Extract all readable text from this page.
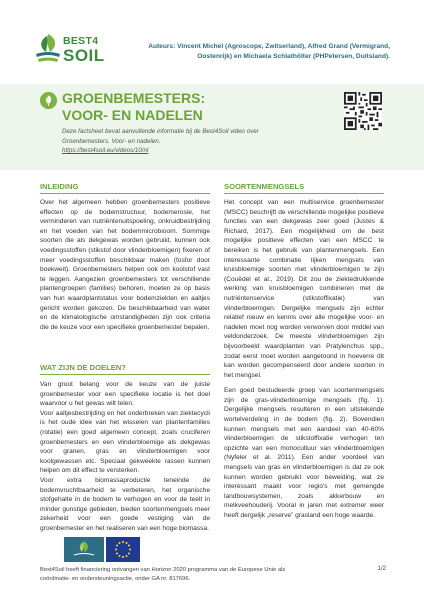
BEST4
SOIL	Auteurs: Vincent Michel (Agroscope, Zwitserland), Alfred Grand (Vermigrand, Oostenrijk) en Michaela Schlathölter (PHPetersen, Duitsland).
GROENBEMESTERS:
VOOR- EN NADELEN
Deze factsheet bevat aanvullende informatie bij de Best4Soil video over
Groenbemesters. Voor- en nadelen.
https://best4soil.eu/videos/10/nl
INLEIDING

Over het algemeen hebben groenbemesters positieve effecten op de bodemstructuur, bodemerosie, het verminderen van nutriëntenuitspoeling, onkruidbestrijding en het voeden van het bodemmicrobioom. Sommige soorten die als dekgewas worden gebruikt, kunnen ook voedingsstoffen (stikstof door vlinderbloemigen) fixeren of meer voedingsstoffen beschikbaar maken (fosfor door boekweit). Groenbemesters helpen ook om koolstof vast te leggen. Aangezien groenbemesters tot verschillende plantengroepen (families) behoren, moeten ze op basis van hun waardplantstatus voor bodemziekten en aaltjes gericht worden gekozen. De beschikbaarheid van water en de klimatologische omstandigheden zijn ook criteria die de keuze voor een specifieke groenbemester bepalen.

WAT ZIJN DE DOELEN?

Van groot belang voor de keuze van de juiste groenbemester voor een specifieke locatie is het doel waarvoor u het gewas wilt telen.

Voor aaltjesbestrijding en het onderbreken van ziektecycli is het oude idee van het wisselen van plantenfamilies (rotatie) een goed algemeen concept, zoals cruciferen groenbemesters en een vlinderbloemige als dekgewas voor granen, gras en vlinderbloemigen voor koolgewassen etc. Speciaal gekweekte rassen kunnen helpen om dit effect te versterken.

Voor extra biomassaproductie teneinde de bodemvruchtbaarheid te verbeteren, het organische stofgehalte in de bodem te verhogen en voor de teelt in minder gunstige gebieden, bieden soortenmengsels meer zekerheid voor een goede vestiging van de groenbemester en het realiseren van een hoge biomassa.

SOORTENMENGSELS

Het concept van een multiservice groenbemester (MSCC) beschrijft de verschillende mogelijke positieve functies van een dekgewas zeer goed (Justes & Richard, 2017). Een mogelijkheid om de best mogelijke positieve effecten van een MSCC te bereiken is het gebruik van plantenmengsels. Een interessante combinatie tijken mengsels van kruisbloemige soorten met vlinderbloemigen te zijn (Couëdel et al., 2019). Dit zou de ziektedrukkende werking van kruisbloemigen combineren met de nutriëntenservice (stikstoffixatie) van vlinderbloemigen. Dergelijke mengsels zijn echter relatief nieuw en kennis over alle mogelijke voor- en nadelen moet nog worden verworven door middel van veldonderzoek. De meeste vlinderbloemigen zijn bijvoorbeeld waardplanten van Pratylenchus spp., zodat eerst moet worden aangetoond in hoeverre dit kan worden gecompenseerd door andere soorten in het mengsel.

Een goed bestudeerde groep van soortenmengsels zijn de gras-vlinderbloemige mengsels (fig. 1). Dergelijke mengsels resulteren in een uitstekende wortelverdeling in de bodem (fig. 2). Bovendien kunnen mengsels met een aandeel van 40-60% vlinderbloemigen de stikstoffixatie verhogen ten opzichte van een monocultuur van vlinderbloemigen (Nyfeler et al. 2011). Een ander voordeel van mengsels van gras en vlinderbloemigen is dat ze ook kunnen worden gebruikt voor beweiding, wat ze interessant maakt voor regio's met gemengde landbouwsystemen, zoals akkerbouw en melkveehouderij. Vooral in jaren met extremer weer heeft dergelijk „reserve” grasland een hoge waarde.

Best4Soil heeft financiering ontvangen van Horizon 2020 programma van de Europese Unie als coördinatie- en ondersteuningsactie, onder GA nr. 817696.
1/2
